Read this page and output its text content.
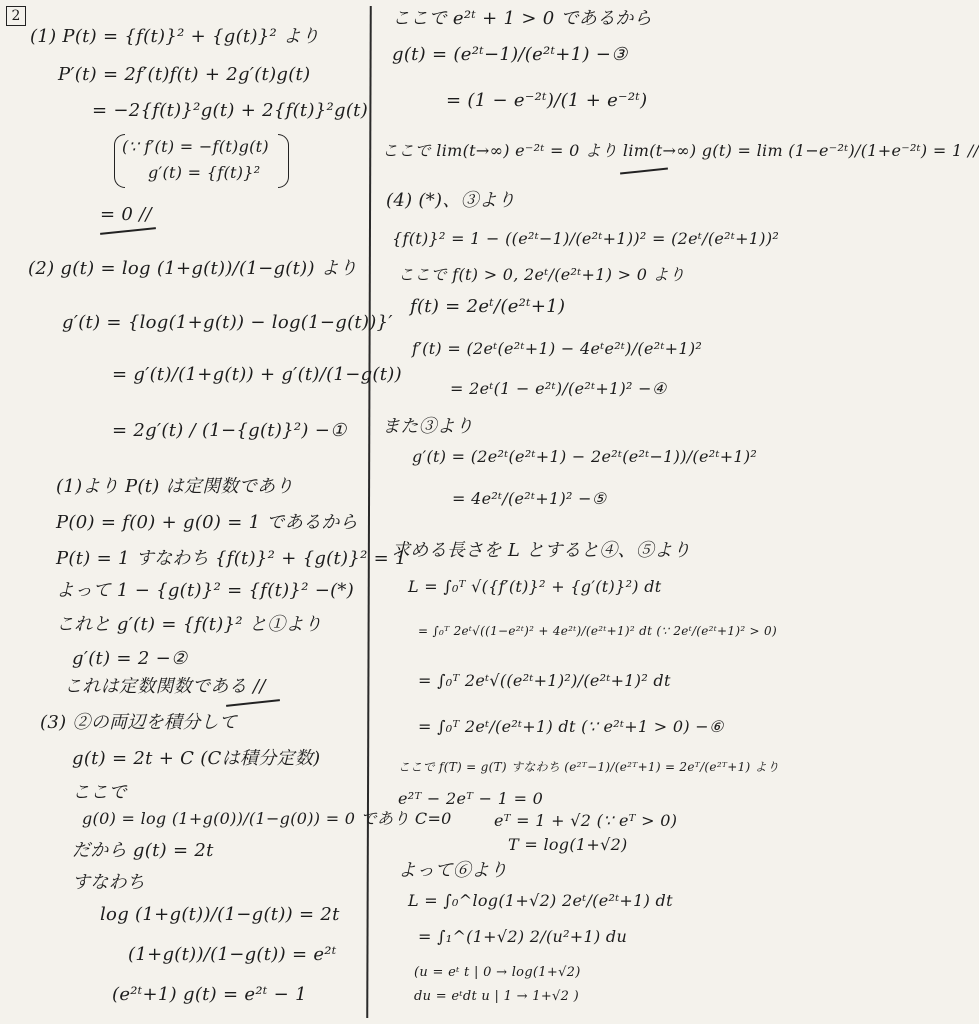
2
(1) P(t) = {f(t)}² + {g(t)}² より
P′(t) = 2f′(t)f(t) + 2g′(t)g(t)
= −2{f(t)}²g(t) + 2{f(t)}²g(t)
(∵ f′(t) = −f(t)g(t)
g′(t) = {f(t)}²
= 0 //
(2) g(t) = log (1+g(t))/(1−g(t)) より
g′(t) = {log(1+g(t)) − log(1−g(t))}′
= g′(t)/(1+g(t)) + g′(t)/(1−g(t))
= 2g′(t) / (1−{g(t)}²) −①
(1)より P(t) は定関数であり
P(0) = f(0) + g(0) = 1 であるから
P(t) = 1 すなわち {f(t)}² + {g(t)}² = 1
よって 1 − {g(t)}² = {f(t)}² −(*)
これと g′(t) = {f(t)}² と①より
g′(t) = 2 −②
これは定数関数である //
(3) ②の両辺を積分して
g(t) = 2t + C (Cは積分定数)
ここで
g(0) = log (1+g(0))/(1−g(0)) = 0 であり C=0
だから g(t) = 2t
すなわち
log (1+g(t))/(1−g(t)) = 2t
(1+g(t))/(1−g(t)) = e²ᵗ
(e²ᵗ+1) g(t) = e²ᵗ − 1
ここで e²ᵗ + 1 > 0 であるから
g(t) = (e²ᵗ−1)/(e²ᵗ+1) −③
= (1 − e⁻²ᵗ)/(1 + e⁻²ᵗ)
ここで lim(t→∞) e⁻²ᵗ = 0 より lim(t→∞) g(t) = lim (1−e⁻²ᵗ)/(1+e⁻²ᵗ) = 1 //
(4) (*)、③より
{f(t)}² = 1 − ((e²ᵗ−1)/(e²ᵗ+1))² = (2eᵗ/(e²ᵗ+1))²
ここで f(t) > 0, 2eᵗ/(e²ᵗ+1) > 0 より
f(t) = 2eᵗ/(e²ᵗ+1)
f′(t) = (2eᵗ(e²ᵗ+1) − 4eᵗe²ᵗ)/(e²ᵗ+1)²
= 2eᵗ(1 − e²ᵗ)/(e²ᵗ+1)² −④
また③より
g′(t) = (2e²ᵗ(e²ᵗ+1) − 2e²ᵗ(e²ᵗ−1))/(e²ᵗ+1)²
= 4e²ᵗ/(e²ᵗ+1)² −⑤
求める長さを L とすると④、⑤より
L = ∫₀ᵀ √({f′(t)}² + {g′(t)}²) dt
= ∫₀ᵀ 2eᵗ√((1−e²ᵗ)² + 4e²ᵗ)/(e²ᵗ+1)² dt (∵ 2eᵗ/(e²ᵗ+1)² > 0)
= ∫₀ᵀ 2eᵗ√((e²ᵗ+1)²)/(e²ᵗ+1)² dt
= ∫₀ᵀ 2eᵗ/(e²ᵗ+1) dt (∵ e²ᵗ+1 > 0) −⑥
ここで f(T) = g(T) すなわち (e²ᵀ−1)/(e²ᵀ+1) = 2eᵀ/(e²ᵀ+1) より
e²ᵀ − 2eᵀ − 1 = 0
eᵀ = 1 + √2 (∵ eᵀ > 0)
T = log(1+√2)
よって⑥より
L = ∫₀^log(1+√2) 2eᵗ/(e²ᵗ+1) dt
= ∫₁^(1+√2) 2/(u²+1) du
(u = eᵗ t | 0 → log(1+√2)
du = eᵗdt u | 1 → 1+√2 )
